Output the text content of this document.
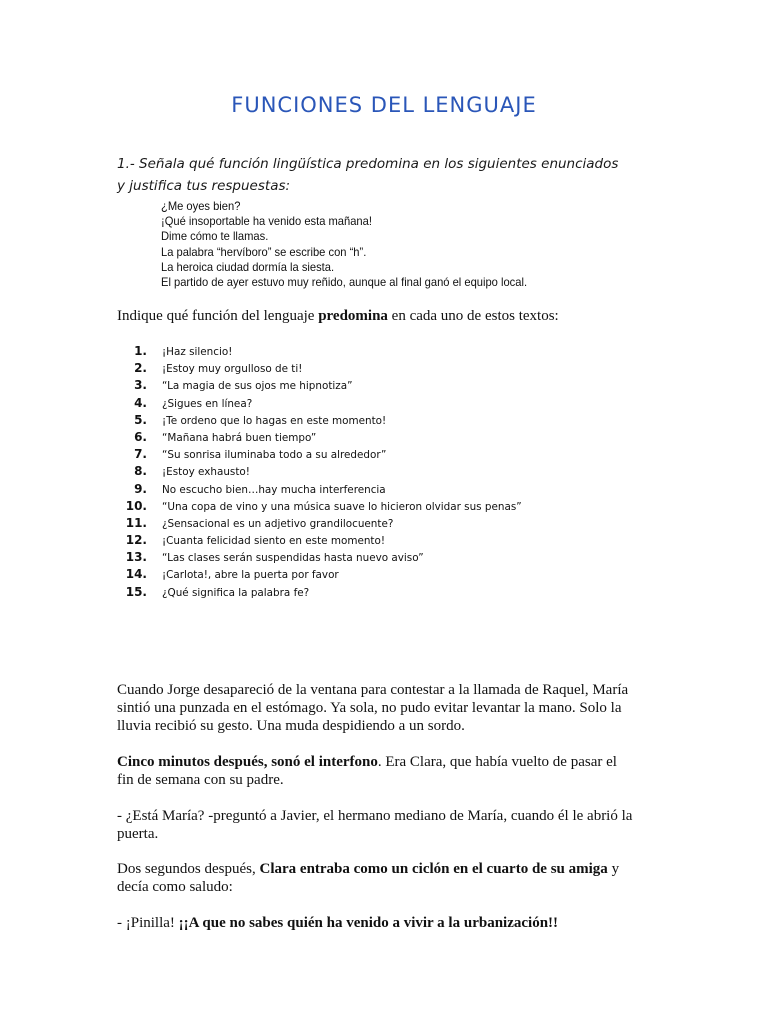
FUNCIONES DEL LENGUAJE
1.- Señala qué función lingüística predomina en los siguientes enunciados
y justifica tus respuestas:
¿Me oyes bien?
¡Qué insoportable ha venido esta mañana!
Dime cómo te llamas.
La palabra “hervíboro” se escribe con “h”.
La heroica ciudad dormía la siesta.
El partido de ayer estuvo muy reñido, aunque al final ganó el equipo local.
Indique qué función del lenguaje predomina en cada uno de estos textos:
1. ¡Haz silencio!
2. ¡Estoy muy orgulloso de ti!
3. “La magia de sus ojos me hipnotiza”
4. ¿Sigues en línea?
5. ¡Te ordeno que lo hagas en este momento!
6. “Mañana habrá buen tiempo”
7. “Su sonrisa iluminaba todo a su alrededor”
8. ¡Estoy exhausto!
9. No escucho bien…hay mucha interferencia
10. “Una copa de vino y una música suave lo hicieron olvidar sus penas”
11. ¿Sensacional es un adjetivo grandilocuente?
12. ¡Cuanta felicidad siento en este momento!
13. “Las clases serán suspendidas hasta nuevo aviso”
14. ¡Carlota!, abre la puerta por favor
15. ¿Qué significa la palabra fe?
Cuando Jorge desapareció de la ventana para contestar a la llamada de Raquel, María sintió una punzada en el estómago. Ya sola, no pudo evitar levantar la mano. Solo la lluvia recibió su gesto. Una muda despidiendo a un sordo.
Cinco minutos después, sonó el interfono. Era Clara, que había vuelto de pasar el fin de semana con su padre.
- ¿Está María? -preguntó a Javier, el hermano mediano de María, cuando él le abrió la puerta.
Dos segundos después, Clara entraba como un ciclón en el cuarto de su amiga y decía como saludo:
- ¡Pinilla! ¡¡A que no sabes quién ha venido a vivir a la urbanización!!
